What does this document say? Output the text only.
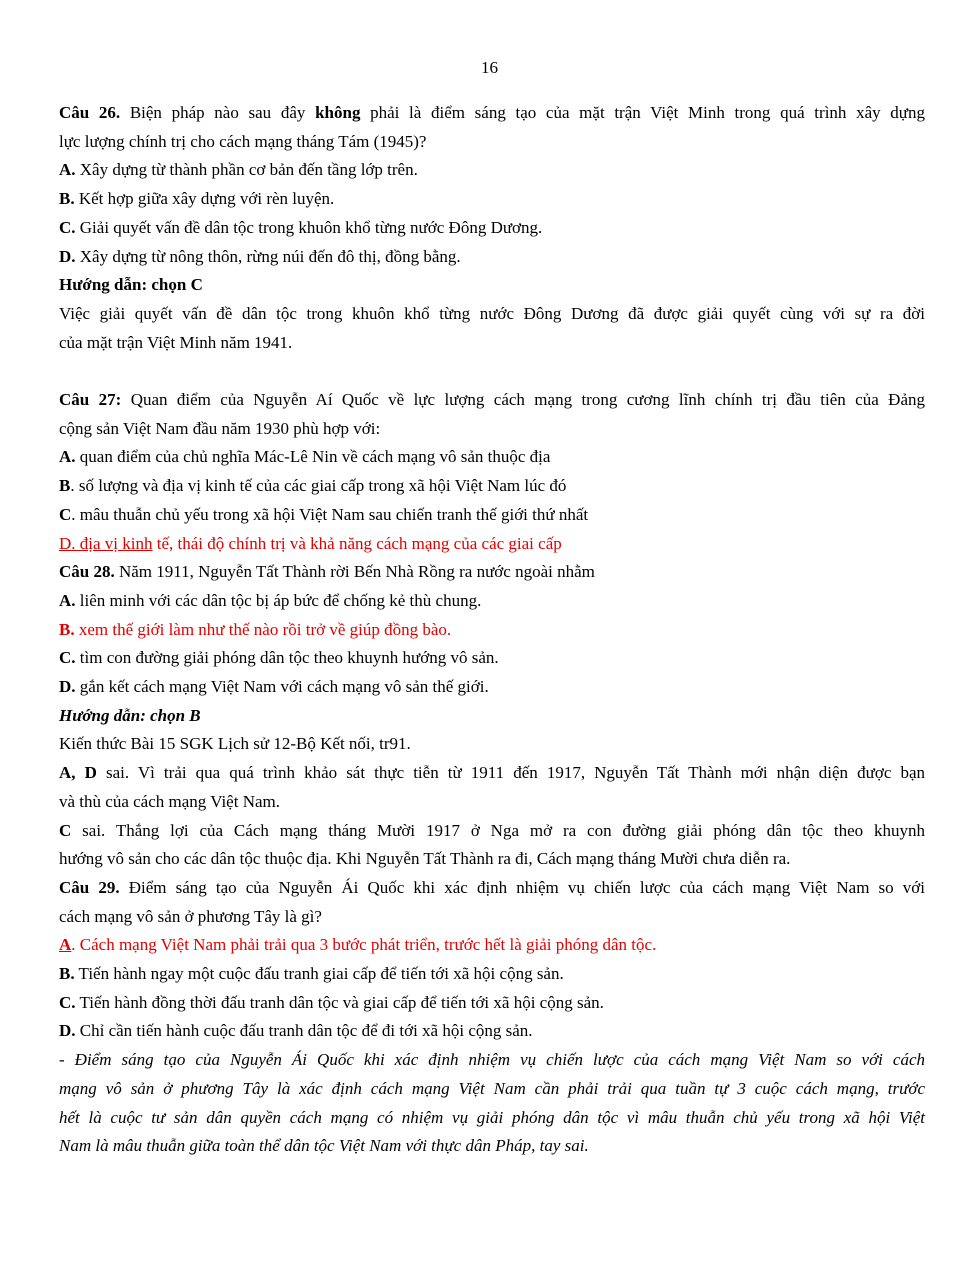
16
Câu 26. Biện pháp nào sau đây không phải là điểm sáng tạo của mặt trận Việt Minh trong quá trình xây dựng
lực lượng chính trị cho cách mạng tháng Tám (1945)?
A. Xây dựng từ thành phần cơ bản đến tầng lớp trên.
B. Kết hợp giữa xây dựng với rèn luyện.
C. Giải quyết vấn đề dân tộc trong khuôn khổ từng nước Đông Dương.
D. Xây dựng từ nông thôn, rừng núi đến đô thị, đồng bằng.
Hướng dẫn: chọn C
Việc giải quyết vấn đề dân tộc trong khuôn khổ từng nước Đông Dương đã được giải quyết cùng với sự ra đời
của mặt trận Việt Minh năm 1941.
Câu 27: Quan điểm của Nguyễn Aí Quốc về lực lượng cách mạng trong cương lĩnh chính trị đầu tiên của Đảng
cộng sản Việt Nam đầu năm 1930 phù hợp với:
A. quan điểm của chủ nghĩa Mác-Lê Nin về cách mạng vô sản thuộc địa
B. số lượng và địa vị kinh tế của các giai cấp trong xã hội Việt Nam lúc đó
C. mâu thuẫn chủ yếu trong xã hội Việt Nam sau chiến tranh thế giới thứ nhất
D. địa vị kinh tế, thái độ chính trị và khả năng cách mạng của các giai cấp
Câu 28. Năm 1911, Nguyễn Tất Thành rời Bến Nhà Rồng ra nước ngoài nhằm
A. liên minh với các dân tộc bị áp bức để chống kẻ thù chung.
B. xem thế giới làm như thế nào rồi trở về giúp đồng bào.
C. tìm con đường giải phóng dân tộc theo khuynh hướng vô sản.
D. gắn kết cách mạng Việt Nam với cách mạng vô sản thế giới.
Hướng dẫn: chọn B
Kiến thức Bài 15 SGK Lịch sử 12-Bộ Kết nối, tr91.
A, D sai. Vì trải qua quá trình khảo sát thực tiễn từ 1911 đến 1917, Nguyễn Tất Thành mới nhận diện được bạn
và thù của cách mạng Việt Nam.
C sai. Thắng lợi của Cách mạng tháng Mười 1917 ở Nga mở ra con đường giải phóng dân tộc theo khuynh
hướng vô sản cho các dân tộc thuộc địa. Khi Nguyễn Tất Thành ra đi, Cách mạng tháng Mười chưa diễn ra.
Câu 29. Điểm sáng tạo của Nguyễn Ái Quốc khi xác định nhiệm vụ chiến lược của cách mạng Việt Nam so với
cách mạng vô sản ở phương Tây là gì?
A. Cách mạng Việt Nam phải trải qua 3 bước phát triển, trước hết là giải phóng dân tộc.
B. Tiến hành ngay một cuộc đấu tranh giai cấp để tiến tới xã hội cộng sản.
C. Tiến hành đồng thời đấu tranh dân tộc và giai cấp để tiến tới xã hội cộng sản.
D. Chỉ cần tiến hành cuộc đấu tranh dân tộc để đi tới xã hội cộng sản.
- Điểm sáng tạo của Nguyễn Ái Quốc khi xác định nhiệm vụ chiến lược của cách mạng Việt Nam so với cách
mạng vô sản ở phương Tây là xác định cách mạng Việt Nam cần phải trải qua tuần tự 3 cuộc cách mạng, trước
hết là cuộc tư sản dân quyền cách mạng có nhiệm vụ giải phóng dân tộc vì mâu thuẫn chủ yếu trong xã hội Việt
Nam là mâu thuẫn giữa toàn thể dân tộc Việt Nam với thực dân Pháp, tay sai.
